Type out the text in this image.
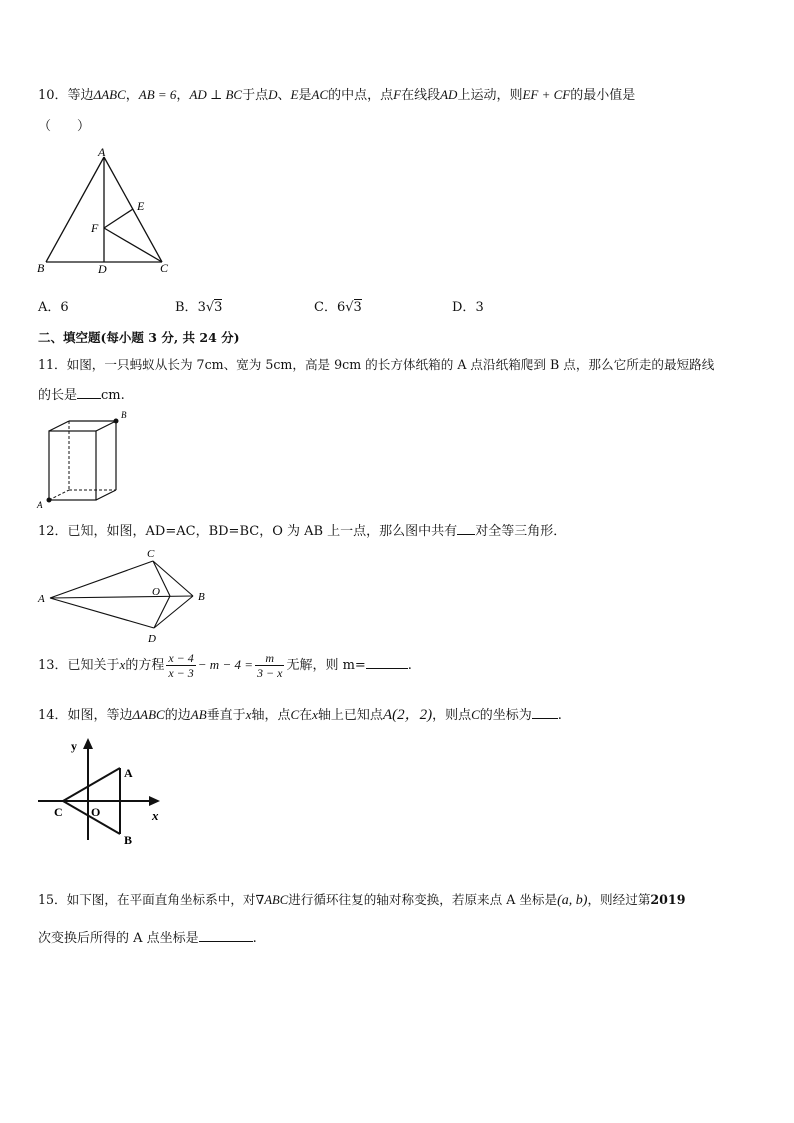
10．等边ΔABC，AB = 6，AD ⊥ BC于点D、E是AC的中点，点F在线段AD上运动，则EF + CF的最小值是
（　　）
A
B	C
D
E
F
A．6	B．3√3	C．6√3	D．3
二、填空题(每小题 3 分, 共 24 分)
11．如图，一只蚂蚁从长为 7cm、宽为 5cm，高是 9cm 的长方体纸箱的 A 点沿纸箱爬到 B 点，那么它所走的最短路线
的长是 cm.
B
A
12．已知，如图，AD=AC，BD=BC，O 为 AB 上一点，那么图中共有 对全等三角形．
A
C
B
D
O
13．已知关于x的方程 $\frac{x - 4}{x - 3} - m - 4 = \frac{m}{3 - x}$ 无解，则 m=	.
14．如图，等边ΔABC的边AB垂直于x轴，点C在x轴上已知点A(2，2)，则点C的坐标为 .
y
x
A
B
C O
15．如下图，在平面直角坐标系中，对∇ABC进行循环往复的轴对称变换，若原来点 A 坐标是(a, b)，则经过第2019
次变换后所得的 A 点坐标是	.
